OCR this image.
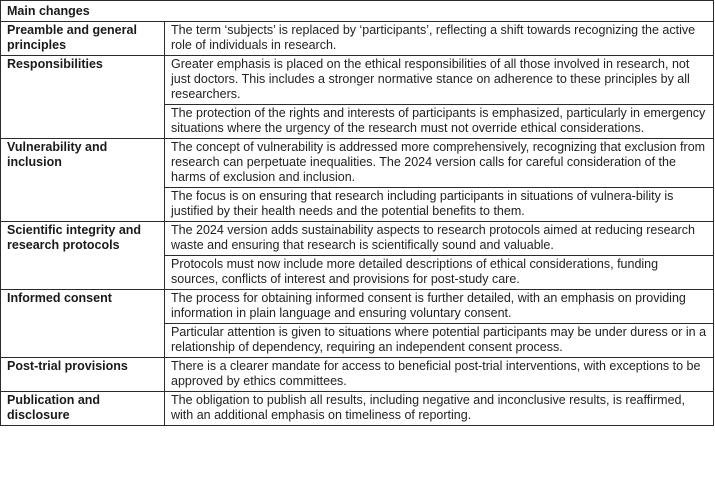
Main changes	
Preamble and general principles	The term ‘subjects’ is replaced by ‘participants’, reflecting a shift towards recognizing the active role of individuals in research.
Responsibilities	Greater emphasis is placed on the ethical responsibilities of all those involved in research, not just doctors. This includes a stronger normative stance on adherence to these principles by all researchers.
	The protection of the rights and interests of participants is emphasized, particularly in emergency situations where the urgency of the research must not override ethical considerations.
Vulnerability and inclusion	The concept of vulnerability is addressed more comprehensively, recognizing that exclusion from research can perpetuate inequalities. The 2024 version calls for careful consideration of the harms of exclusion and inclusion.
	The focus is on ensuring that research including participants in situations of vulnera-bility is justified by their health needs and the potential benefits to them.
Scientific integrity and research protocols	The 2024 version adds sustainability aspects to research protocols aimed at reducing research waste and ensuring that research is scientifically sound and valuable.
	Protocols must now include more detailed descriptions of ethical considerations, funding sources, conflicts of interest and provisions for post-study care.
Informed consent	The process for obtaining informed consent is further detailed, with an emphasis on providing information in plain language and ensuring voluntary consent.
	Particular attention is given to situations where potential participants may be under duress or in a relationship of dependency, requiring an independent consent process.
Post-trial provisions	There is a clearer mandate for access to beneficial post-trial interventions, with exceptions to be approved by ethics committees.
Publication and disclosure	The obligation to publish all results, including negative and inconclusive results, is reaffirmed, with an additional emphasis on timeliness of reporting.
